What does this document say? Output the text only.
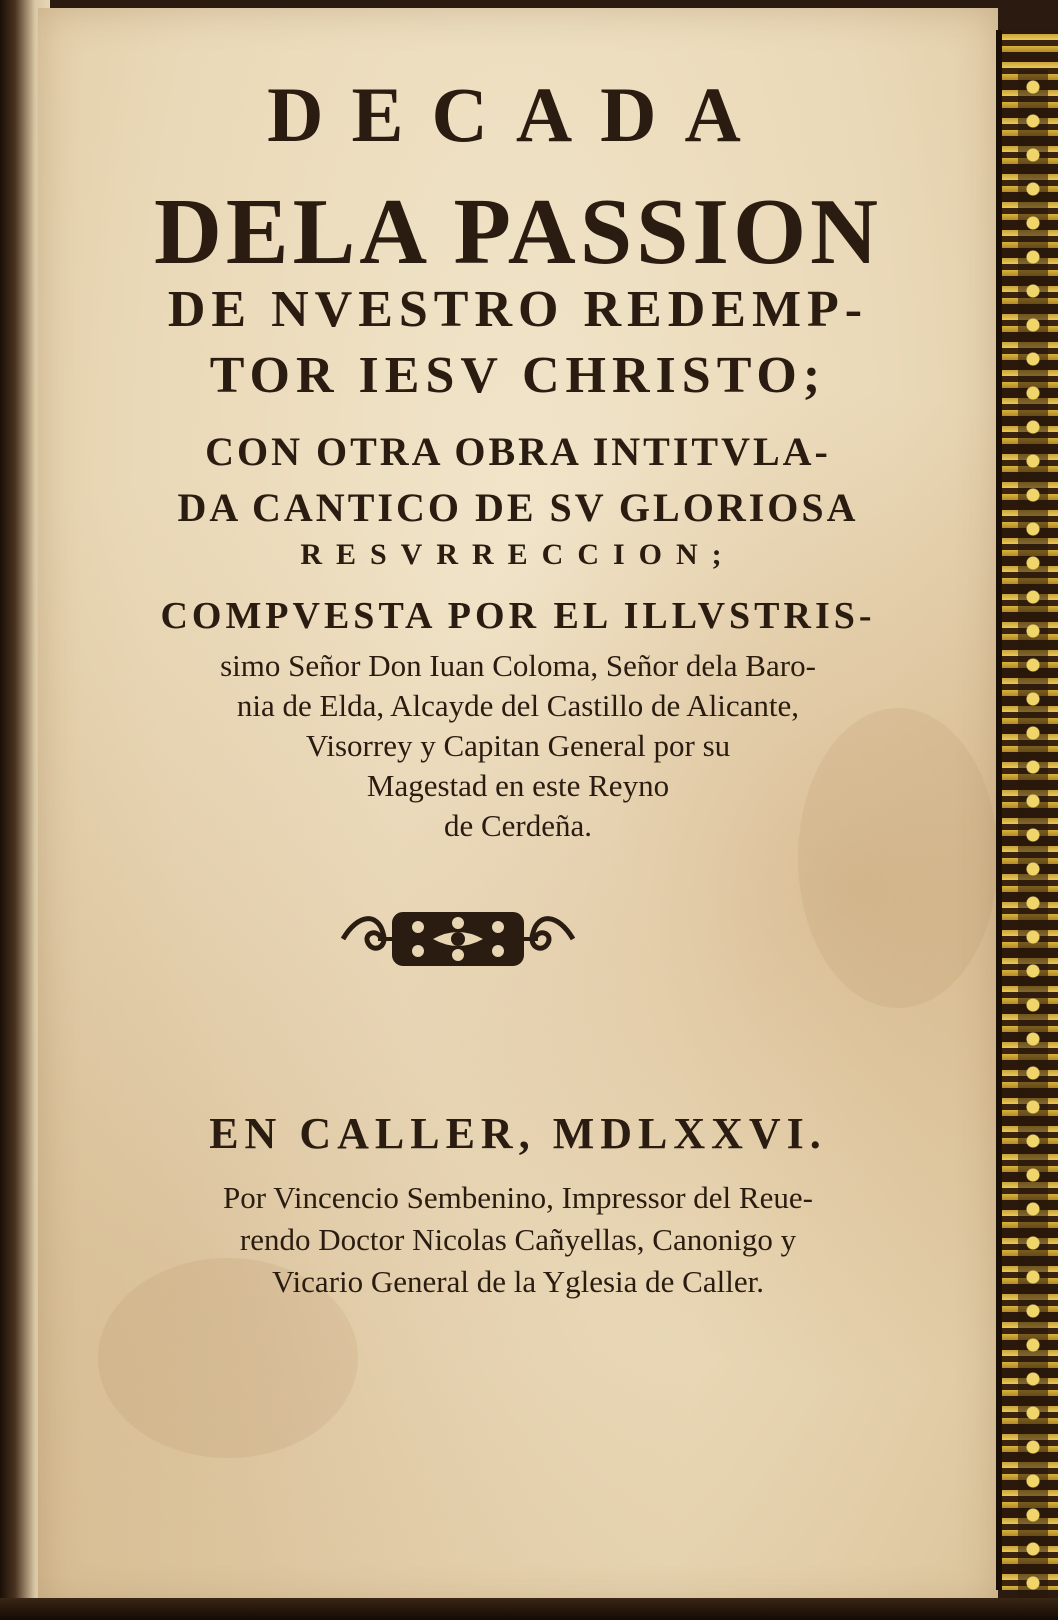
DECADA

DELA PASSION

DE NVESTRO REDEMP-

TOR IESV CHRISTO;

CON OTRA OBRA INTITVLA-

DA CANTICO DE SV GLORIOSA

RESVRRECCION;

COMPVESTA POR EL ILLVSTRIS-

simo Señor Don Iuan Coloma, Señor dela Baro-

nia de Elda, Alcayde del Castillo de Alicante,

Visorrey y Capitan General por su

Magestad en este Reyno

de Cerdeña.

EN CALLER, MDLXXVI.

Por Vincencio Sembenino, Impressor del Reue-

rendo Doctor Nicolas Cañyellas, Canonigo y

Vicario General de la Yglesia de Caller.
